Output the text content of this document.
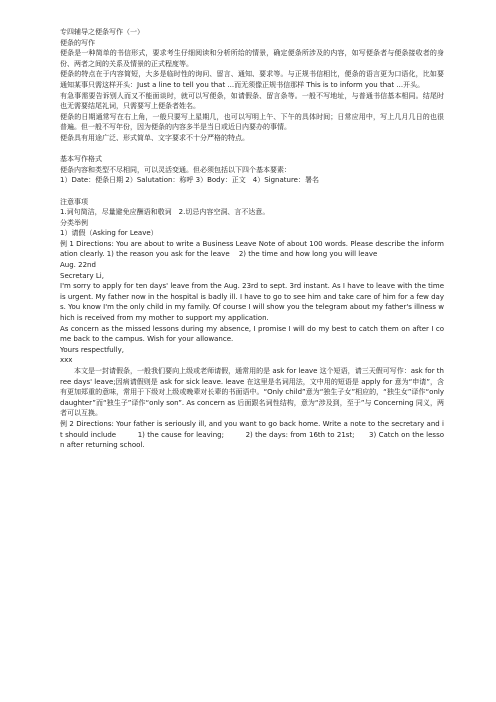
专四辅导之便条写作（一）

便条的写作

便条是一种简单的书信形式，要求考生仔细阅读和分析所给的情景，确定便条所涉及的内容，如写便条者与便条接收者的身份、两者之间的关系及情景的正式程度等。

便条的特点在于内容简短，大多是临时性的询问、留言、通知、要求等。与正规书信相比，便条的语言更为口语化，比如要通知某事只需这样开头：Just a line to tell you that ...而无须像正规书信那样 This is to inform you that ...开头。

有急事需要告诉别人而又不能面谈时，就可以写便条，如请假条、留言条等。一般不写地址，与普通书信基本相同。结尾时也无需要结尾礼词，只需要写上便条者姓名。

便条的日期通常写在右上角，一般只要写上星期几，也可以写明上午、下午的具体时间；日常应用中，写上几月几日的也很普遍。但一般不写年份，因为便条的内容多半是当日或近日内要办的事情。

便条具有用途广泛、形式简单、文字要求不十分严格的特点。

基本写作格式

便条内容和类型不尽相同，可以灵活变通。但必须包括以下四个基本要素：

1）Date：便条日期 2）Salutation：称呼 3）Body：正文　4）Signature：署名

注意事项

1.词句简洁，尽量避免应酬语和敬词　2.切忌内容空洞、言不达意。

分类举例

1）请假（Asking for Leave）

例 1 Directions: You are about to write a Business Leave Note of about 100 words. Please describe the information clearly. 1) the reason you ask for the leave　 2) the time and how long you will leave

Aug. 22nd

Secretary Li,

I'm sorry to apply for ten days' leave from the Aug. 23rd to sept. 3rd instant. As I have to leave with the time is urgent. My father now in the hospital is badly ill. I have to go to see him and take care of him for a few days. You know I'm the only child in my family. Of course I will show you the telegram about my father's illness which is received from my mother to support my application.

As concern as the missed lessons during my absence, I promise I will do my best to catch them on after I come back to the campus. Wish for your allowance.

Yours respectfully,

xxx

本文是一封请假条，一般我们要向上级或老师请假，通常用的是 ask for leave 这个短语，请三天假可写作：ask for three days' leave;因病请假则是 ask for sick leave. leave 在这里是名词用法，文中用的短语是 apply for 意为“申请”，含有更加郑重的意味，常用于下级对上级或晚辈对长辈的书面语中。“Only child”意为“独生子女”相应的，“独生女”译作“only daughter”而“独生子”译作“only son”. As concern as 后面跟名词性结构，意为“涉及到，至于”与 Concerning 同义，两者可以互换。

例 2 Directions: Your father is seriously ill, and you want to go back home. Write a note to the secretary and it should include　　　1) the cause for leaving;　　　2) the days: from 16th to 21st;　　3) Catch on the lesson after returning school.
